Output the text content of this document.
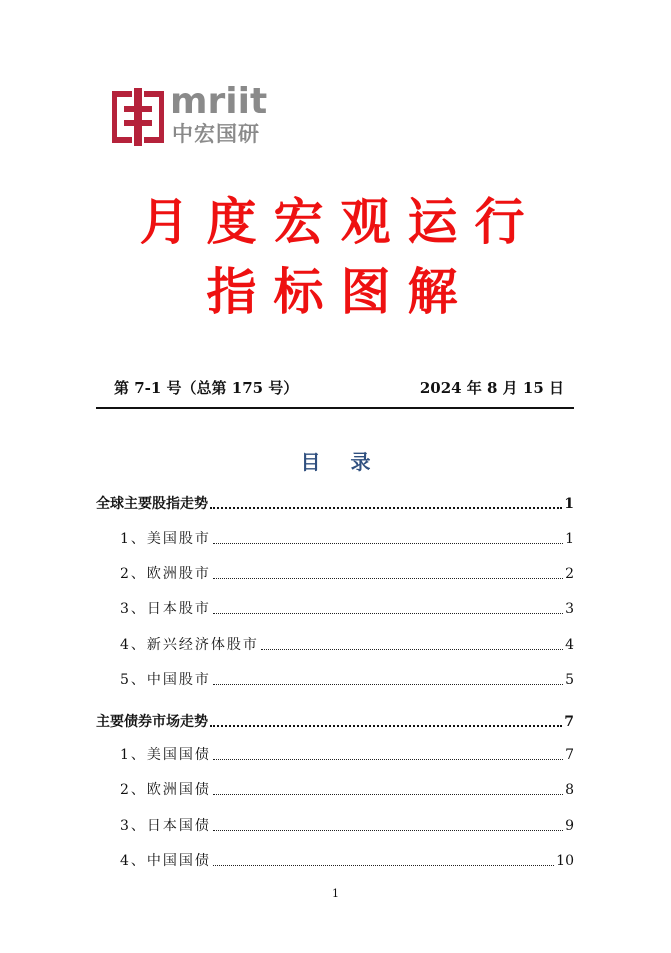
mriit
中宏国研
月度宏观运行
指标图解
第 7-1 号（总第 175 号）	2024 年 8 月 15 日
目录
全球主要股指走势	1
1、美国股市	1
2、欧洲股市	2
3、日本股市	3
4、新兴经济体股市	4
5、中国股市	5
主要债券市场走势	7
1、美国国债	7
2、欧洲国债	8
3、日本国债	9
4、中国国债	10
1
